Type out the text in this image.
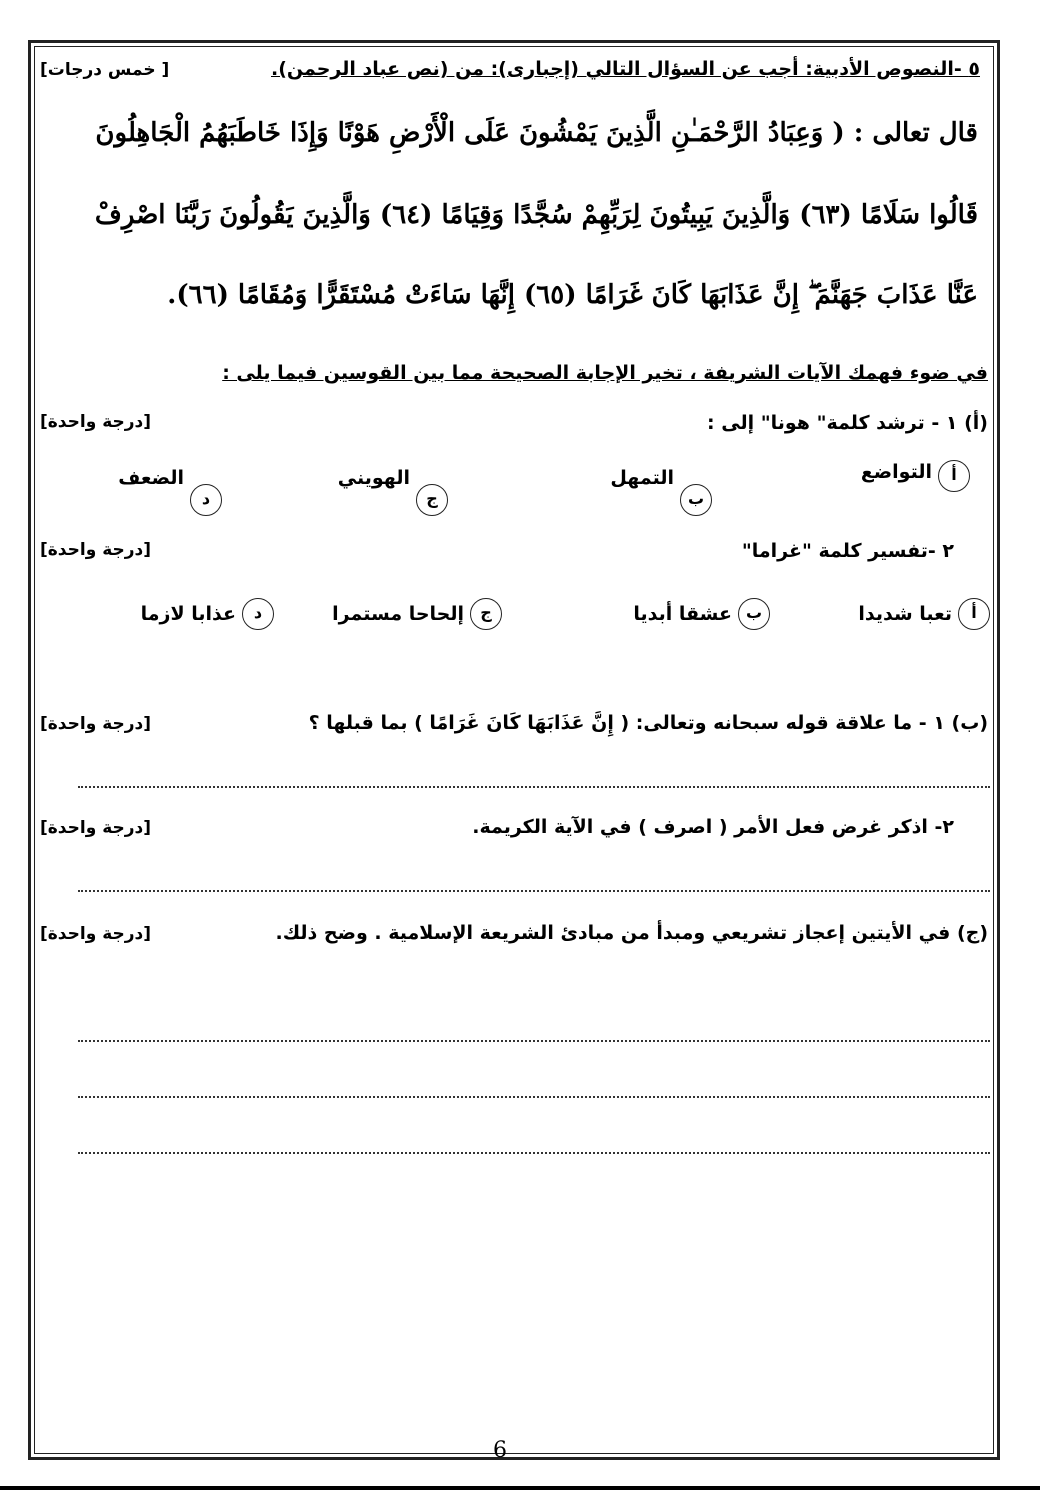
٥ -النصوص الأدبية: أجب عن السؤال التالي (إجبارى): من (نص عباد الرحمن).
[ خمس درجات]
قال تعالى : ( وَعِبَادُ الرَّحْمَـٰنِ الَّذِينَ يَمْشُونَ عَلَى الْأَرْضِ هَوْنًا وَإِذَا خَاطَبَهُمُ الْجَاهِلُونَ
قَالُوا سَلَامًا (٦٣) وَالَّذِينَ يَبِيتُونَ لِرَبِّهِمْ سُجَّدًا وَقِيَامًا (٦٤) وَالَّذِينَ يَقُولُونَ رَبَّنَا اصْرِفْ
عَنَّا عَذَابَ جَهَنَّمَ ۖ إِنَّ عَذَابَهَا كَانَ غَرَامًا (٦٥) إِنَّهَا سَاءَتْ مُسْتَقَرًّا وَمُقَامًا (٦٦).
في ضوء فهمك الآيات الشريفة ، تخير الإجابة الصحيحة مما بين القوسين فيما يلى :
(أ) ١ - ترشد كلمة" هونا" إلى :
[درجة واحدة]
أ
التواضع
ب
التمهل
ج
الهويني
د
الضعف
٢ -تفسير كلمة "غراما"
[درجة واحدة]
أ
تعبا شديدا
ب
عشقا أبديا
ج
إلحاحا مستمرا
د
عذابا لازما
(ب) ١ - ما علاقة قوله سبحانه وتعالى: ( إِنَّ عَذَابَهَا كَانَ غَرَامًا ) بما قبلها ؟
[درجة واحدة]
٢- اذكر غرض فعل الأمر ( اصرف ) في الآية الكريمة.
[درجة واحدة]
(ج) في الأيتين إعجاز تشريعي ومبدأ من مبادئ الشريعة الإسلامية . وضح ذلك.
[درجة واحدة]
6
